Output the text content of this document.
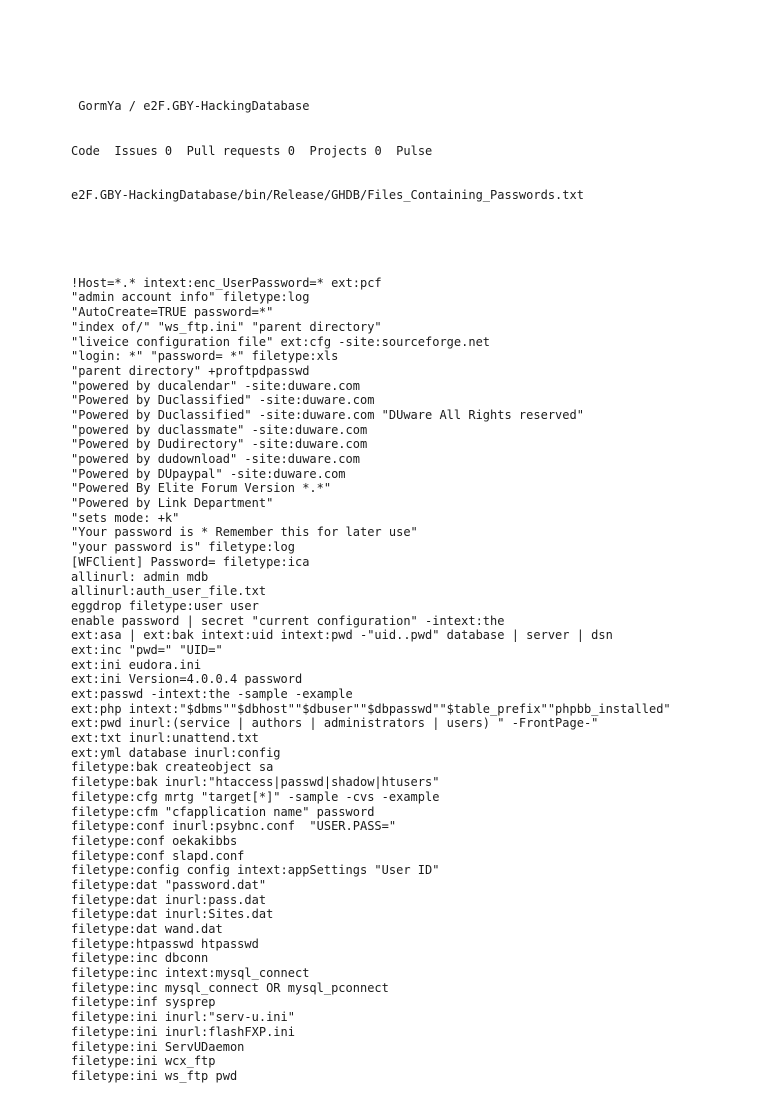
GormYa / e2F.GBY-HackingDatabase

Code Issues 0 Pull requests 0 Projects 0 Pulse

e2F.GBY-HackingDatabase/bin/Release/GHDB/Files_Containing_Passwords.txt

!Host=*.* intext:enc_UserPassword=* ext:pcf
"admin account info" filetype:log
"AutoCreate=TRUE password=*"
"index of/" "ws_ftp.ini" "parent directory"
"liveice configuration file" ext:cfg -site:sourceforge.net
"login: *" "password= *" filetype:xls
"parent directory" +proftpdpasswd
"powered by ducalendar" -site:duware.com
"Powered by Duclassified" -site:duware.com
"Powered by Duclassified" -site:duware.com "DUware All Rights reserved"
"powered by duclassmate" -site:duware.com
"Powered by Dudirectory" -site:duware.com
"powered by dudownload" -site:duware.com
"Powered by DUpaypal" -site:duware.com
"Powered By Elite Forum Version *.*"
"Powered by Link Department"
"sets mode: +k"
"Your password is * Remember this for later use"
"your password is" filetype:log
[WFClient] Password= filetype:ica
allinurl: admin mdb
allinurl:auth_user_file.txt
eggdrop filetype:user user
enable password | secret "current configuration" -intext:the
ext:asa | ext:bak intext:uid intext:pwd -"uid..pwd" database | server | dsn
ext:inc "pwd=" "UID="
ext:ini eudora.ini
ext:ini Version=4.0.0.4 password
ext:passwd -intext:the -sample -example
ext:php intext:"$dbms""$dbhost""$dbuser""$dbpasswd""$table_prefix""phpbb_installed"
ext:pwd inurl:(service | authors | administrators | users) " -FrontPage-"
ext:txt inurl:unattend.txt
ext:yml database inurl:config
filetype:bak createobject sa
filetype:bak inurl:"htaccess|passwd|shadow|htusers"
filetype:cfg mrtg "target[*]" -sample -cvs -example
filetype:cfm "cfapplication name" password
filetype:conf inurl:psybnc.conf  "USER.PASS="
filetype:conf oekakibbs
filetype:conf slapd.conf
filetype:config config intext:appSettings "User ID"
filetype:dat "password.dat"
filetype:dat inurl:pass.dat
filetype:dat inurl:Sites.dat
filetype:dat wand.dat
filetype:htpasswd htpasswd
filetype:inc dbconn
filetype:inc intext:mysql_connect
filetype:inc mysql_connect OR mysql_pconnect
filetype:inf sysprep
filetype:ini inurl:"serv-u.ini"
filetype:ini inurl:flashFXP.ini
filetype:ini ServUDaemon
filetype:ini wcx_ftp
filetype:ini ws_ftp pwd
